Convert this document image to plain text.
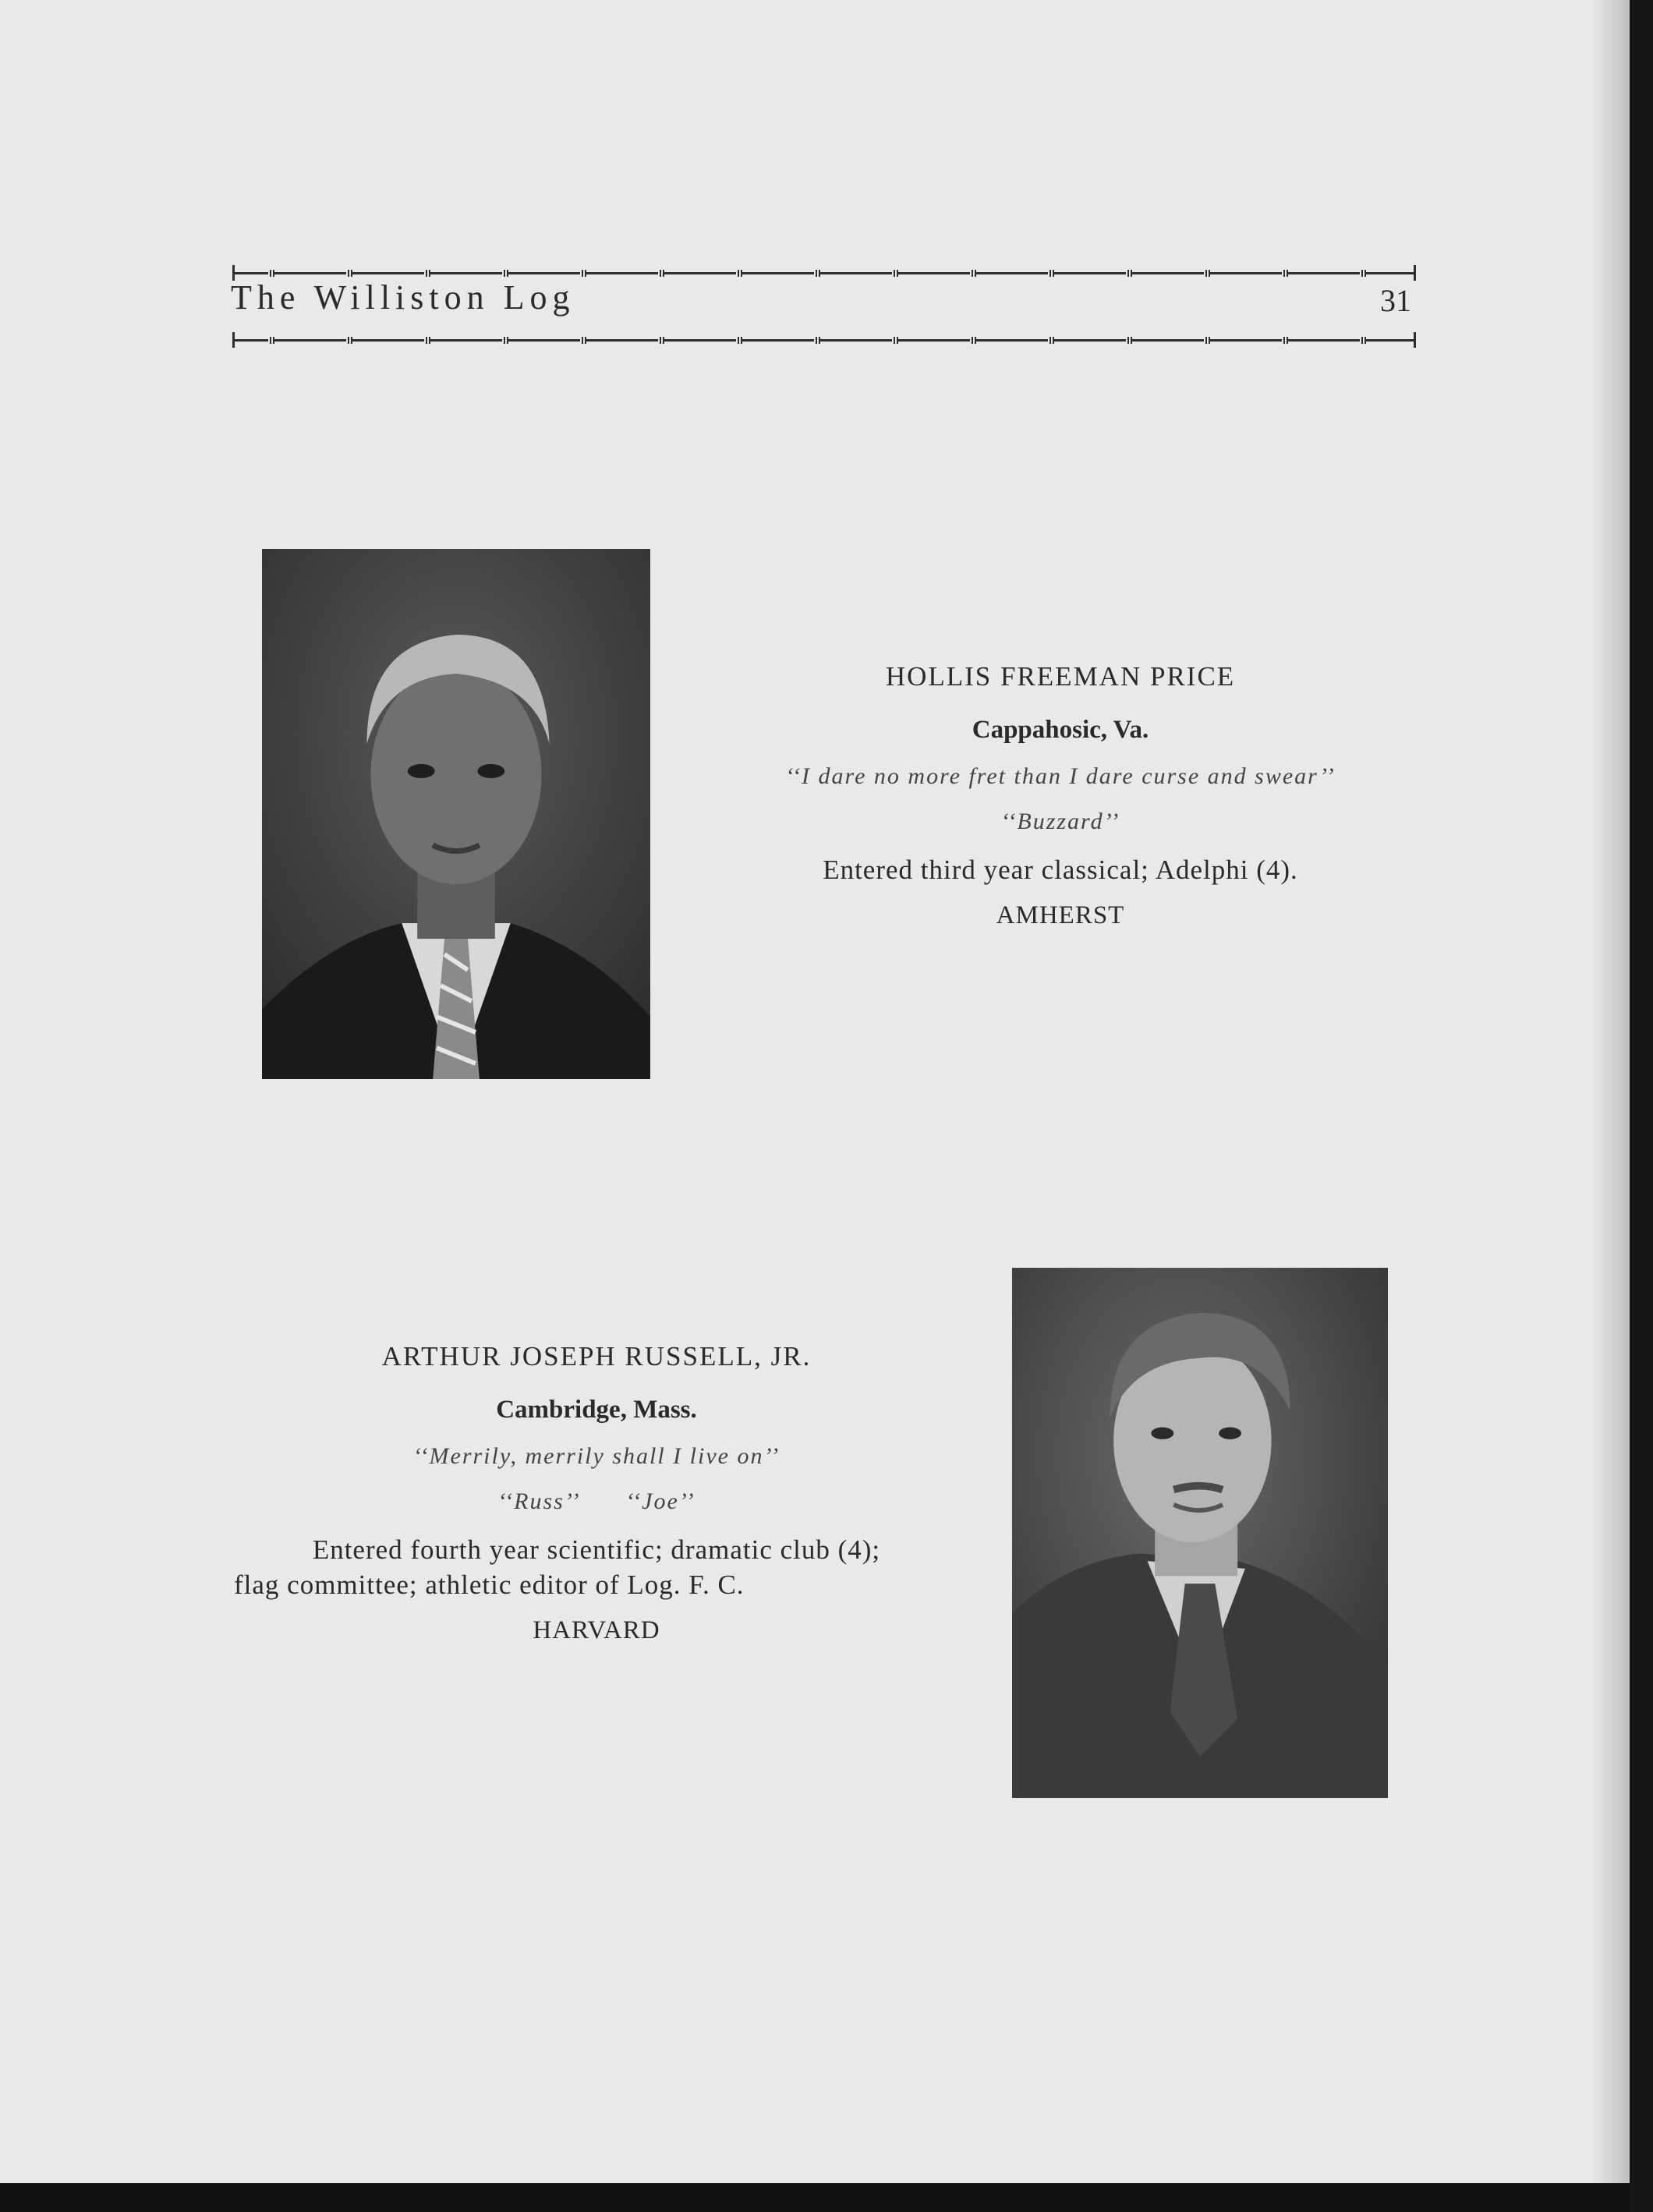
The Williston Log	31
HOLLIS FREEMAN PRICE
Cappahosic, Va.
‘‘I dare no more fret than I dare curse and swear’’
‘‘Buzzard’’
Entered third year classical; Adelphi (4).
AMHERST
ARTHUR JOSEPH RUSSELL, JR.
Cambridge, Mass.
‘‘Merrily, merrily shall I live on’’
‘‘Russ’’ ‘‘Joe’’
Entered fourth year scientific; dramatic club (4);
flag committee; athletic editor of Log. F. C.
HARVARD
